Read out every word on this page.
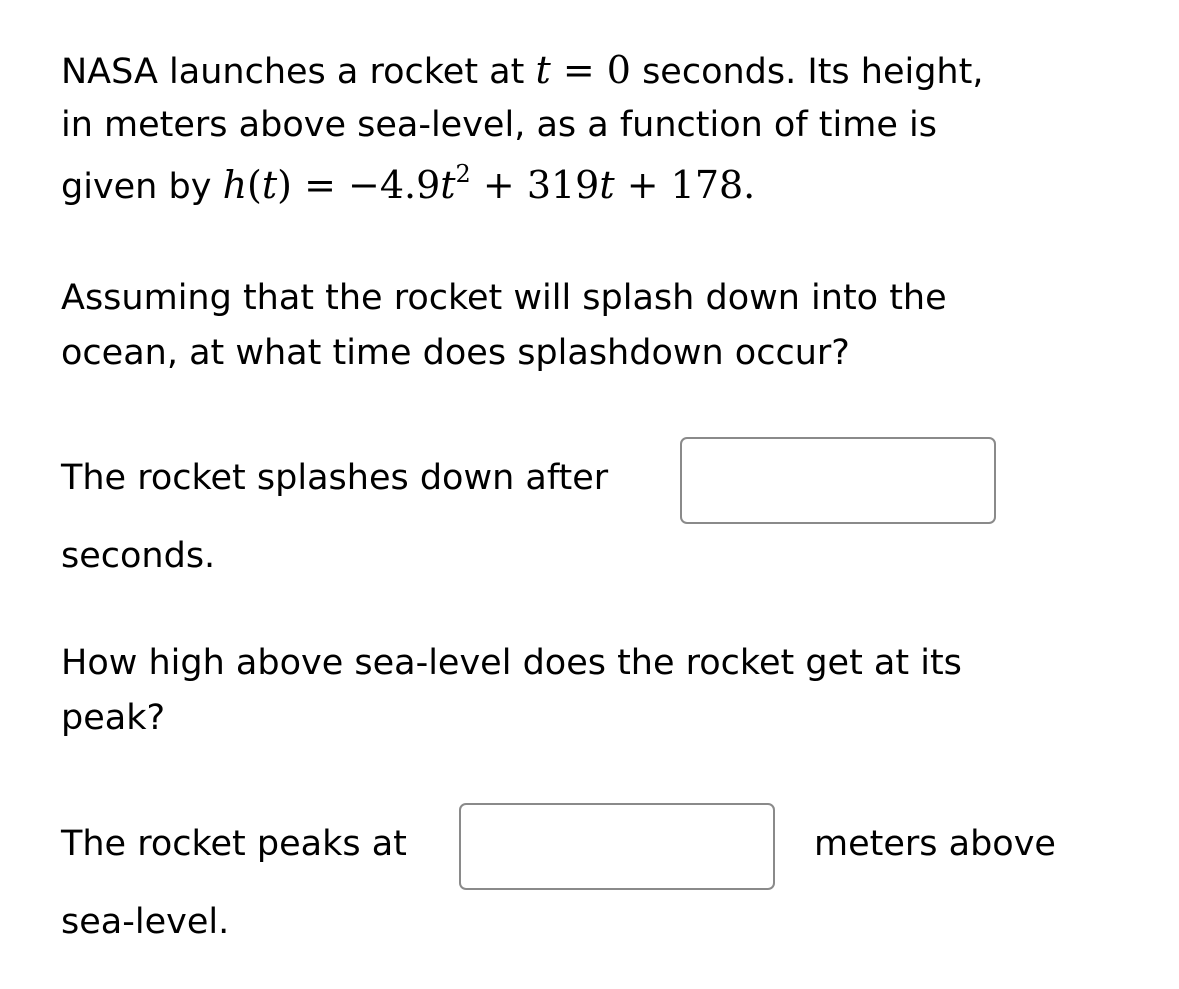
NASA launches a rocket at t = 0 seconds. Its height,
in meters above sea-level, as a function of time is
given by $h(t) = -4.9t^2 + 319t + 178$.
Assuming that the rocket will splash down into the
ocean, at what time does splashdown occur?
The rocket splashes down after
seconds.
How high above sea-level does the rocket get at its
peak?
The rocket peaks at	meters above
sea-level.
